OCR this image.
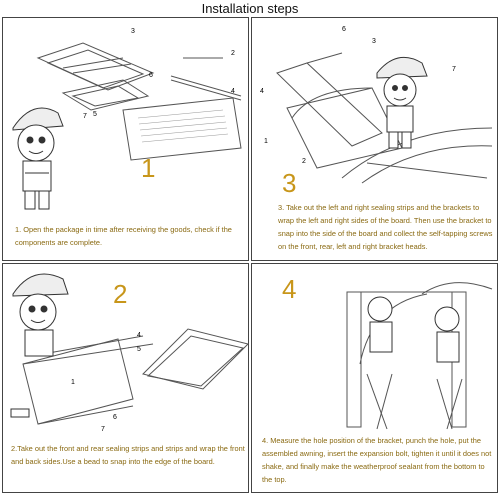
Installation steps
3
2
4
5
6
7
1
1. Open the package in time after receiving the goods, check if the components are complete.
6
3
4
1
2
7
3
3. Take out the left and right sealing strips and the brackets to wrap the left and right sides of the board. Then use the bracket to snap into the side of the board and collect the self-tapping screws on the front, rear, left and right bracket heads.
4
5
6
7
1
2
2.Take out the front and rear sealing strips and strips and wrap the front and back sides.Use a bead to snap into the edge of the board.
4
4. Measure the hole position of the bracket, punch the hole, put the assembled awning, insert the expansion bolt, tighten it until it does not shake, and finally make the weatherproof sealant from the bottom to the top.
